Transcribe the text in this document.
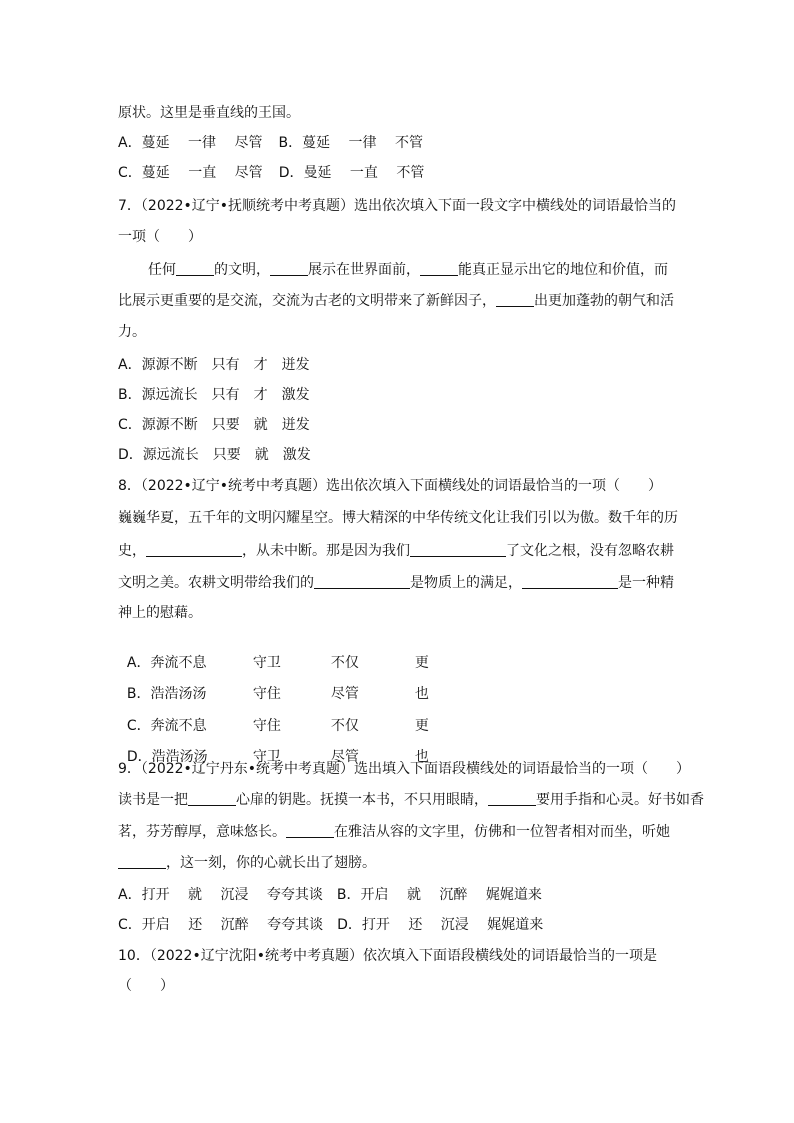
原状。这里是垂直线的王国。
A．蔓延　 一律　 尽管 B．蔓延　 一律　 不管
C．蔓延　 一直　 尽管 D．曼延　 一直　 不管
7．（2022•辽宁•抚顺统考中考真题）选出依次填入下面一段文字中横线处的词语最恰当的
一项（　　）
任何	的文明，	展示在世界面前，	能真正显示出它的地位和价值，而
比展示更重要的是交流，交流为古老的文明带来了新鲜因子，	出更加蓬勃的朝气和活
力。
A．源源不断　只有　才　迸发
B．源远流长　只有　才　激发
C．源源不断　只要　就　迸发
D．源远流长　只要　就　激发
8．（2022•辽宁•统考中考真题）选出依次填入下面横线处的词语最恰当的一项（　　）
巍巍华夏，五千年的文明闪耀星空。博大精深的中华传统文化让我们引以为傲。数千年的历
史，	，从未中断。那是因为我们	了文化之根，没有忽略农耕
文明之美。农耕文明带给我们的	是物质上的满足，	是一种精
神上的慰藉。

A．奔流不息	守卫	不仅	更

B．浩浩汤汤	守住	尽管	也

C．奔流不息	守住	不仅	更

D．浩浩汤汤	守卫	尽管	也

9．（2022•辽宁丹东•统考中考真题）选出填入下面语段横线处的词语最恰当的一项（　　）
读书是一把	心扉的钥匙。抚摸一本书，不只用眼睛，	要用手指和心灵。好书如香
茗，芬芳醇厚，意味悠长。	在雅洁从容的文字里，仿佛和一位智者相对而坐，听她
，这一刻，你的心就长出了翅膀。
A．打开　 就　 沉浸　 夸夸其谈　B．开启　 就　 沉醉　 娓娓道来
C．开启　 还　 沉醉　 夸夸其谈　D．打开　 还　 沉浸　 娓娓道来
10．（2022•辽宁沈阳•统考中考真题）依次填入下面语段横线处的词语最恰当的一项是
（　　）
